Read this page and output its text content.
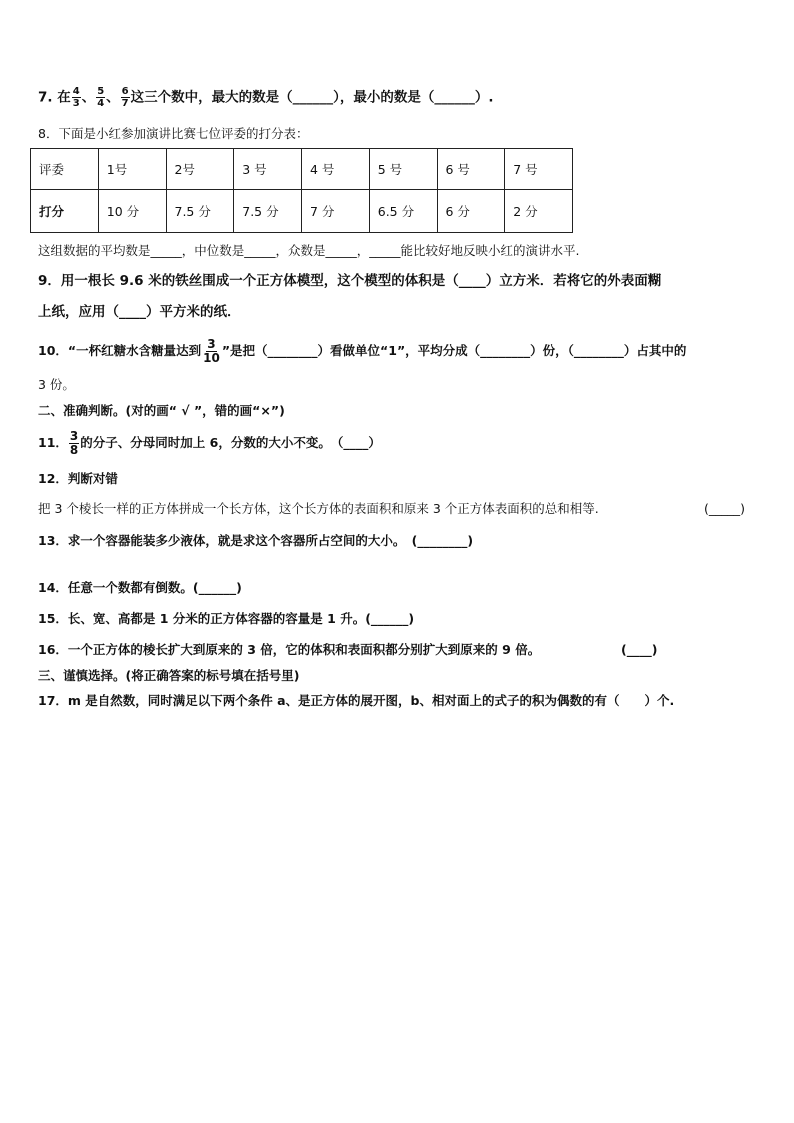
7. 在 $\frac{4}{3}$ 、 $\frac{5}{4}$ 、 $\frac{6}{7}$ 这三个数中，最大的数是（______），最小的数是（______）.
8．下面是小红参加演讲比赛七位评委的打分表：
评委	1号	2号	3 号	4 号	5 号	6 号	7 号
打分	10 分	7.5 分	7.5 分	7 分	6.5 分	6 分	2 分
这组数据的平均数是_____，中位数是_____，众数是_____，_____能比较好地反映小红的演讲水平.
9．用一根长 9.6 米的铁丝围成一个正方体模型，这个模型的体积是（____）立方米．若将它的外表面糊
上纸，应用（____）平方米的纸．
10．“一杯红糖水含糖量达到 $\frac{3}{10}$ ”是把（________）看做单位“1”，平均分成（________）份，（________）占其中的
3 份。
二、准确判断。(对的画“ √ ”，错的画“×”)
11． $\frac{3}{8}$ 的分子、分母同时加上 6，分数的大小不变。　（____）
12．判断对错
把 3 个棱长一样的正方体拼成一个长方体，这个长方体的表面积和原来 3 个正方体表面积的总和相等.	(_____)
13．求一个容器能装多少液体，就是求这个容器所占空间的大小。　(________)
14．任意一个数都有倒数。(______)
15．长、宽、高都是 1 分米的正方体容器的容量是 1 升。(______)
16．一个正方体的棱长扩大到原来的 3 倍，它的体积和表面积都分别扩大到原来的 9 倍。	(____)
三、谨慎选择。(将正确答案的标号填在括号里)
17．m 是自然数，同时满足以下两个条件 a、是正方体的展开图，b、相对面上的式子的积为偶数的有（　　）个.
